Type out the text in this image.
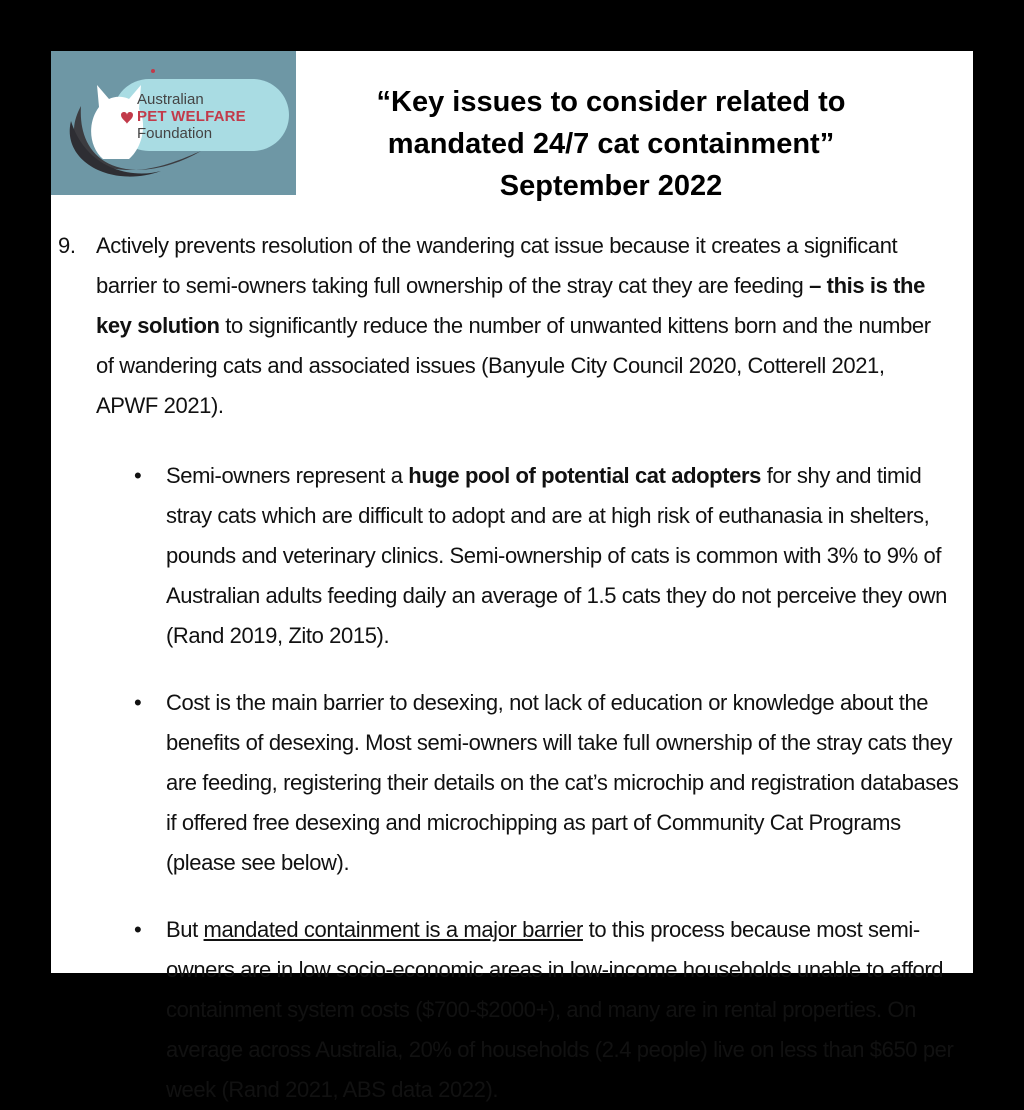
Australian
PET WELFARE
Foundation
“Key issues to consider related to
mandated 24/7 cat containment”
September 2022
9. Actively prevents resolution of the wandering cat issue because it creates a significant barrier to semi-owners taking full ownership of the stray cat they are feeding – this is the key solution to significantly reduce the number of unwanted kittens born and the number of wandering cats and associated issues (Banyule City Council 2020, Cotterell 2021, APWF 2021).
• Semi-owners represent a huge pool of potential cat adopters for shy and timid stray cats which are difficult to adopt and are at high risk of euthanasia in shelters, pounds and veterinary clinics. Semi-ownership of cats is common with 3% to 9% of Australian adults feeding daily an average of 1.5 cats they do not perceive they own (Rand 2019, Zito 2015).
• Cost is the main barrier to desexing, not lack of education or knowledge about the benefits of desexing. Most semi-owners will take full ownership of the stray cats they are feeding, registering their details on the cat’s microchip and registration databases if offered free desexing and microchipping as part of Community Cat Programs (please see below).
• But mandated containment is a major barrier to this process because most semi-owners are in low socio-economic areas in low-income households unable to afford containment system costs ($700-$2000+), and many are in rental properties. On average across Australia, 20% of households (2.4 people) live on less than $650 per week (Rand 2021, ABS data 2022).
